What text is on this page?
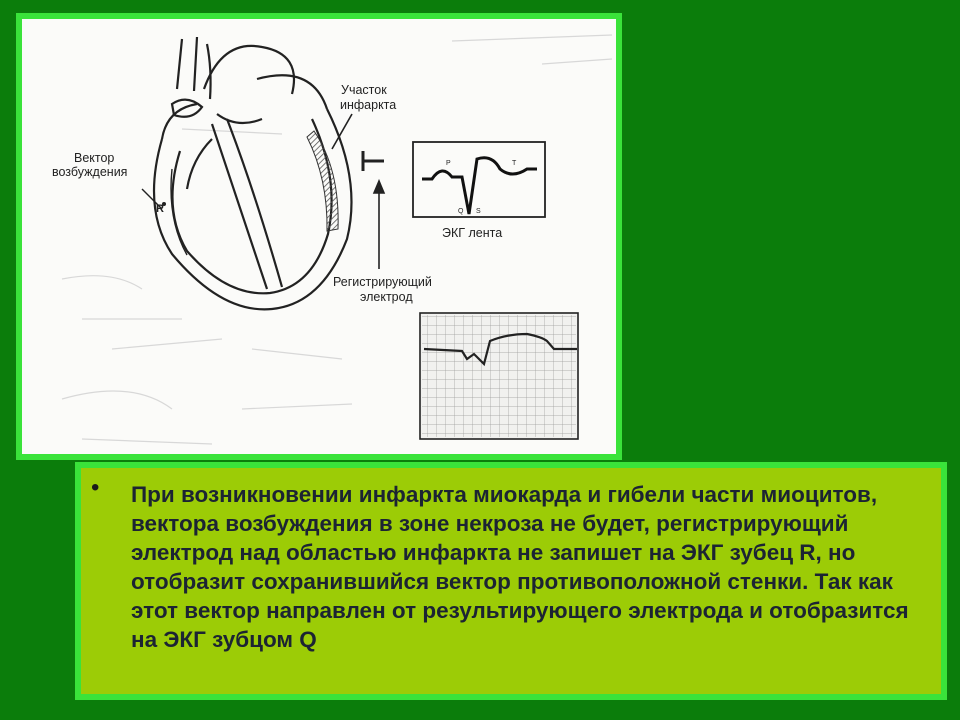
Участок
инфаркта
Вектор
возбуждения
R
Регистрирующий
электрод
ЭКГ лента
P	T
Q S
• При возникновении инфаркта миокарда и гибели части миоцитов, вектора возбуждения в зоне некроза не будет, регистрирующий электрод над областью инфаркта не запишет на ЭКГ зубец R, но отобразит сохранившийся вектор противоположной стенки. Так как этот вектор направлен от результирующего электрода и отобразится на ЭКГ зубцом Q
